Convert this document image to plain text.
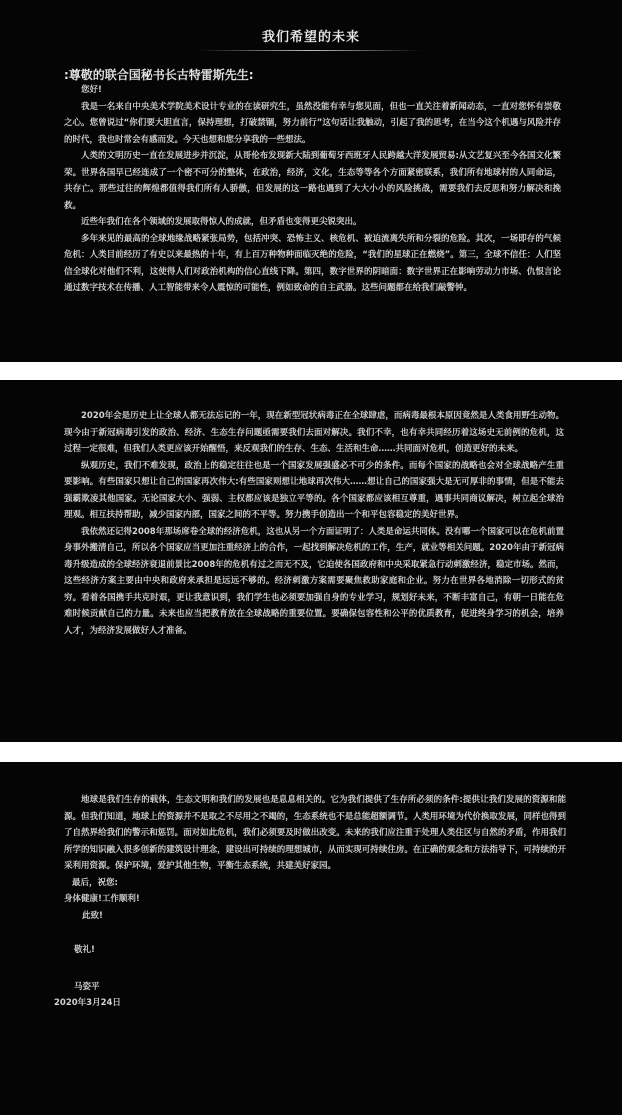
我们希望的未来
:尊敬的联合国秘书长古特雷斯先生:

您好!

我是一名来自中央美术学院美术设计专业的在读研究生，虽然没能有幸与您见面，但也一直关注着新闻动态，一直对您怀有崇敬之心。您曾说过“你们要大胆直言，保持理想，打破禁锢，努力前行”这句话让我触动，引起了我的思考，在当今这个机遇与风险并存的时代，我也时常会有感而发。今天也想和您分享我的一些想法。

人类的文明历史一直在发展进步并沉淀，从哥伦布发现新大陆到葡萄牙西班牙人民跨越大洋发展贸易:从文艺复兴至今各国文化繁荣。世界各国早已经连成了一个密不可分的整体，在政治，经济，文化，生态等等各个方面紧密联系，我们所有地球村的人同命运，共存亡。那些过往的辉煌都值得我们所有人骄傲，但发展的这一路也遇到了大大小小的风险挑战，需要我们去反思和努力解决和挽救。

近些年我们在各个领域的发展取得惊人的成就，但矛盾也变得更尖锐突出。

多年来见的最高的全球地缘战略紧张局势，包括冲突、恐怖主义、核危机、被迫流离失所和分裂的危险。其次，一场即存的气候危机：人类目前经历了有史以来最热的十年，有上百万种物种面临灭绝的危险，“我们的星球正在燃烧”。第三，全球不信任：人们坚信全球化对他们不利，这使得人们对政治机构的信心直线下降。第四，数字世界的阴暗面：数字世界正在影响劳动力市场、仇恨言论通过数字技术在传播、人工智能带来令人震惊的可能性，例如致命的自主武器。这些问题都在给我们敲警钟。

2020年会是历史上让全球人都无法忘记的一年，现在新型冠状病毒正在全球肆虐，而病毒最根本原因竟然是人类食用野生动物。现今由于新冠病毒引发的政治、经济、生态生存问题亟需要我们去面对解决。我们不幸，也有幸共同经历着这场史无前例的危机，这过程一定很难，但我们人类更应该开始醒悟，来反观我们的生存、生态、生活和生命……共同面对危机，创造更好的未来。

纵观历史，我们不难发现，政治上的稳定往往也是一个国家发展强盛必不可少的条件。而每个国家的战略也会对全球战略产生重要影响。有些国家只想让自己的国家再次伟大:有些国家则想让地球再次伟大……想让自己的国家强大是无可厚非的事情，但是不能去强霸欺凌其他国家。无论国家大小、强弱、主权都应该是独立平等的。各个国家都应该相互尊重，遇事共同商议解决，树立起全球治理观。相互扶持帮助，减少国家内部，国家之间的不平等。努力携手创造出一个和平包容稳定的美好世界。

我依然还记得2008年那场席卷全球的经济危机，这也从另一个方面证明了：人类是命运共同体。没有哪一个国家可以在危机前置身事外搬清自己，所以各个国家应当更加注重经济上的合作，一起找到解决危机的工作，生产，就业等相关问题。2020年由于新冠病毒升级造成的全球经济衰退前景比2008年的危机有过之而无不及，它迫使各国政府和中央采取紧急行动刺激经济，稳定市场。然而，这些经济方案主要由中央和政府来承担是远远不够的。经济刺激方案需要聚焦救助家庭和企业。努力在世界各地消除一切形式的贫穷。看着各国携手共克时艰，更让我意识到，我们学生也必须要加强自身的专业学习，规划好未来，不断丰富自己，有朝一日能在危难时候贡献自己的力量。未来也应当把教育放在全球战略的重要位置。要确保包容性和公平的优质教育，促进终身学习的机会，培养人才，为经济发展做好人才准备。

地球是我们生存的载体，生态文明和我们的发展也是息息相关的。它为我们提供了生存所必须的条件:提供让我们发展的资源和能源。但我们知道，地球上的资源并不是取之不尽用之不竭的，生态系统也不是总能超额调节。人类用环境为代价换取发展，同样也得到了自然界给我们的警示和惩罚。面对如此危机，我们必须要及时做出改变。未来的我们应注重于处理人类住区与自然的矛盾，作用我们所学的知识融入很多创新的建筑设计理念，建设出可持续的理想城市，从而实现可持续住房。在正确的观念和方法指导下，可持续的开采利用资源。保护环境，爱护其他生物，平衡生态系统，共建美好家园。

最后，祝您:

身体健康!工作顺利!

此致!

敬礼!

马姿平

2020年3月24日
